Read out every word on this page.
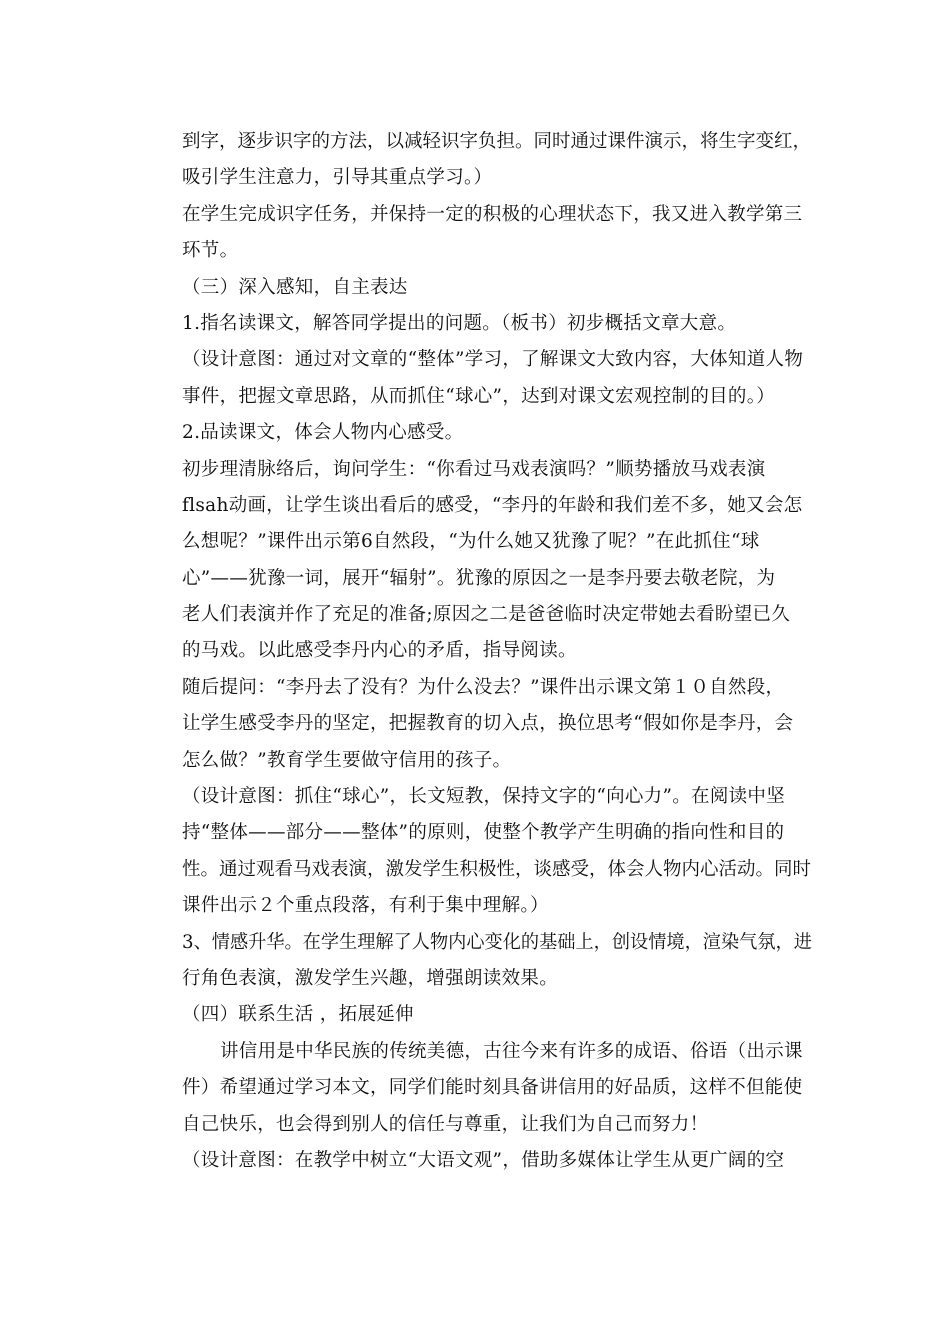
到字，逐步识字的方法，以减轻识字负担。同时通过课件演示，将生字变红，
吸引学生注意力，引导其重点学习。）
在学生完成识字任务，并保持一定的积极的心理状态下，我又进入教学第三
环节。
（三）深入感知，自主表达
1.指名读课文，解答同学提出的问题。（板书）初步概括文章大意。
（设计意图：通过对文章的“整体”学习，了解课文大致内容，大体知道人物
事件，把握文章思路，从而抓住“球心”，达到对课文宏观控制的目的。）
2.品读课文，体会人物内心感受。
初步理清脉络后，询问学生：“你看过马戏表演吗？”顺势播放马戏表演
flsah动画，让学生谈出看后的感受，“李丹的年龄和我们差不多，她又会怎
么想呢？”课件出示第6自然段，“为什么她又犹豫了呢？”在此抓住“球
心”——犹豫一词，展开“辐射”。犹豫的原因之一是李丹要去敬老院，为
老人们表演并作了充足的准备;原因之二是爸爸临时决定带她去看盼望已久
的马戏。以此感受李丹内心的矛盾，指导阅读。
随后提问：“李丹去了没有？为什么没去？”课件出示课文第１０自然段，
让学生感受李丹的坚定，把握教育的切入点，换位思考“假如你是李丹，会
怎么做？”教育学生要做守信用的孩子。
（设计意图：抓住“球心”，长文短教，保持文字的“向心力”。在阅读中坚
持“整体——部分——整体”的原则，使整个教学产生明确的指向性和目的
性。通过观看马戏表演，激发学生积极性，谈感受，体会人物内心活动。同时
课件出示２个重点段落，有利于集中理解。）
3、情感升华。在学生理解了人物内心变化的基础上，创设情境，渲染气氛，进
行角色表演，激发学生兴趣，增强朗读效果。
（四）联系生活 ，拓展延伸
讲信用是中华民族的传统美德，古往今来有许多的成语、俗语（出示课
件）希望通过学习本文，同学们能时刻具备讲信用的好品质，这样不但能使
自己快乐，也会得到别人的信任与尊重，让我们为自己而努力！
（设计意图：在教学中树立“大语文观”，借助多媒体让学生从更广阔的空
